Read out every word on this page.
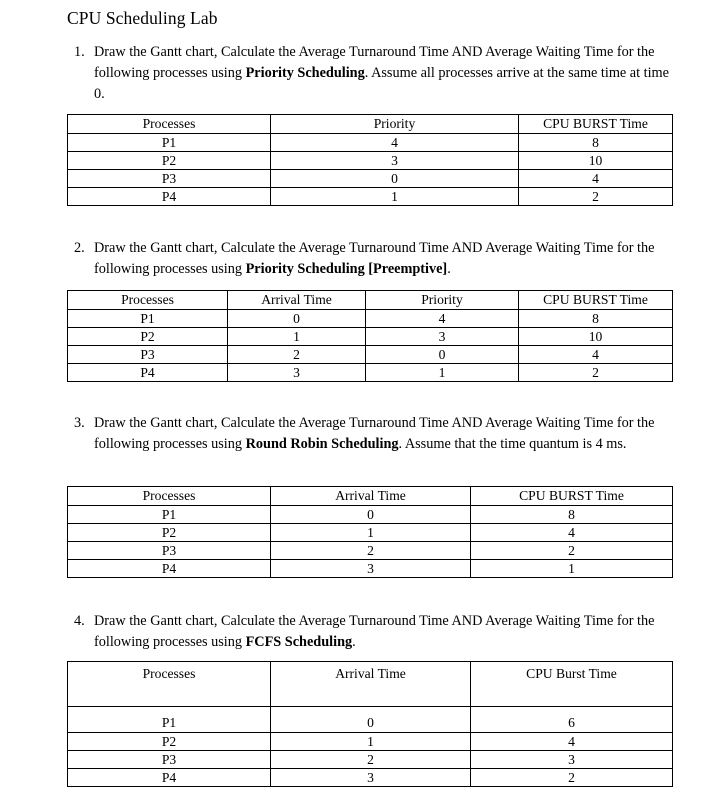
CPU Scheduling Lab
1. Draw the Gantt chart, Calculate the Average Turnaround Time AND Average Waiting Time for the following processes using Priority Scheduling. Assume all processes arrive at the same time at time 0.
Processes	Priority	CPU BURST Time
P1	4	8
P2	3	10
P3	0	4
P4	1	2
2. Draw the Gantt chart, Calculate the Average Turnaround Time AND Average Waiting Time for the following processes using Priority Scheduling [Preemptive].
Processes	Arrival Time	Priority	CPU BURST Time
P1	0	4	8
P2	1	3	10
P3	2	0	4
P4	3	1	2
3. Draw the Gantt chart, Calculate the Average Turnaround Time AND Average Waiting Time for the following processes using Round Robin Scheduling. Assume that the time quantum is 4 ms.
Processes	Arrival Time	CPU BURST Time
P1	0	8
P2	1	4
P3	2	2
P4	3	1
4. Draw the Gantt chart, Calculate the Average Turnaround Time AND Average Waiting Time for the following processes using FCFS Scheduling.
Processes	Arrival Time	CPU Burst Time
P1	0	6
P2	1	4
P3	2	3
P4	3	2
